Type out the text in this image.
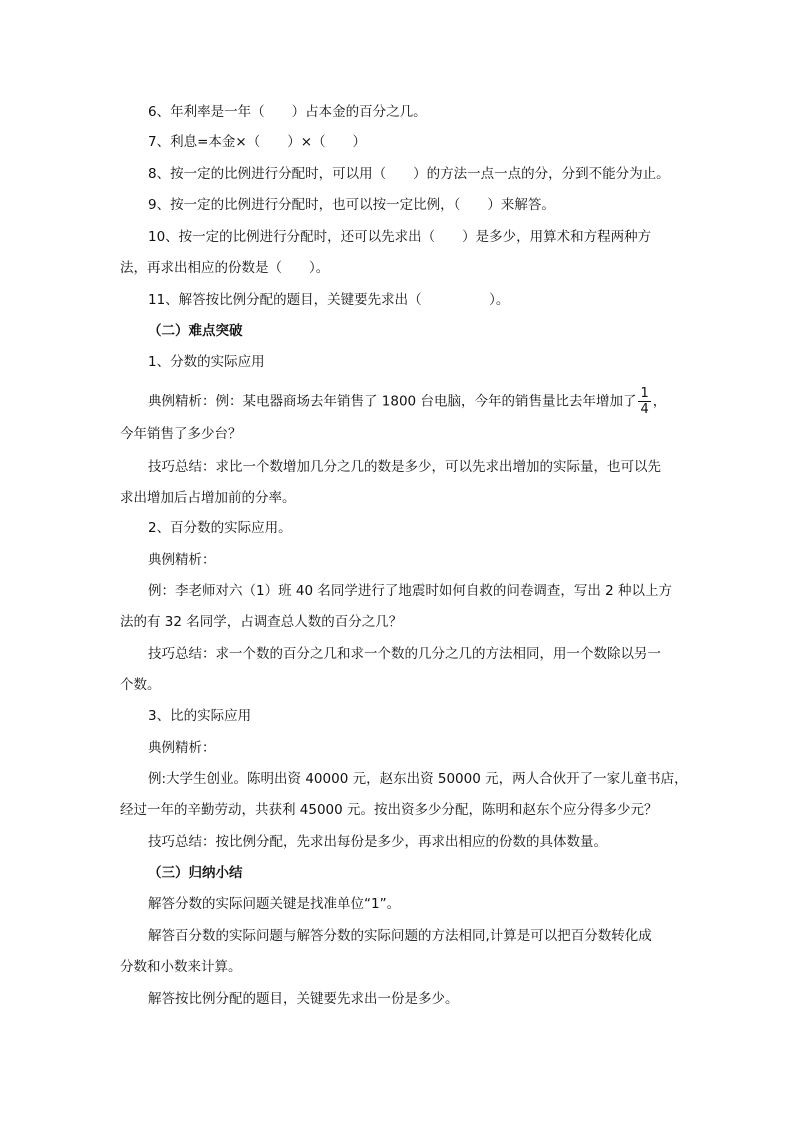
6、年利率是一年（　　）占本金的百分之几。
7、利息=本金×（　　）×（　　）
8、按一定的比例进行分配时，可以用（　　）的方法一点一点的分，分到不能分为止。
9、按一定的比例进行分配时，也可以按一定比例，（　　）来解答。
10、按一定的比例进行分配时，还可以先求出（　　）是多少，用算术和方程两种方
法，再求出相应的份数是（　　）。
11、解答按比例分配的题目，关键要先求出（　　　　　）。
（二）难点突破
1、分数的实际应用
典例精析：例：某电器商场去年销售了 1800 台电脑，今年的销售量比去年增加了 $\frac{1}{4}$ ，
今年销售了多少台？
技巧总结：求比一个数增加几分之几的数是多少，可以先求出增加的实际量，也可以先
求出增加后占增加前的分率。
2、百分数的实际应用。
典例精析：
例：李老师对六（1）班 40 名同学进行了地震时如何自救的问卷调查，写出 2 种以上方
法的有 32 名同学，占调查总人数的百分之几？
技巧总结：求一个数的百分之几和求一个数的几分之几的方法相同，用一个数除以另一
个数。
3、比的实际应用
典例精析：
例:大学生创业。陈明出资 40000 元，赵东出资 50000 元，两人合伙开了一家儿童书店，
经过一年的辛勤劳动，共获利 45000 元。按出资多少分配，陈明和赵东个应分得多少元？
技巧总结：按比例分配，先求出每份是多少，再求出相应的份数的具体数量。
（三）归纳小结
解答分数的实际问题关键是找准单位“1”。
解答百分数的实际问题与解答分数的实际问题的方法相同,计算是可以把百分数转化成
分数和小数来计算。
解答按比例分配的题目，关键要先求出一份是多少。
